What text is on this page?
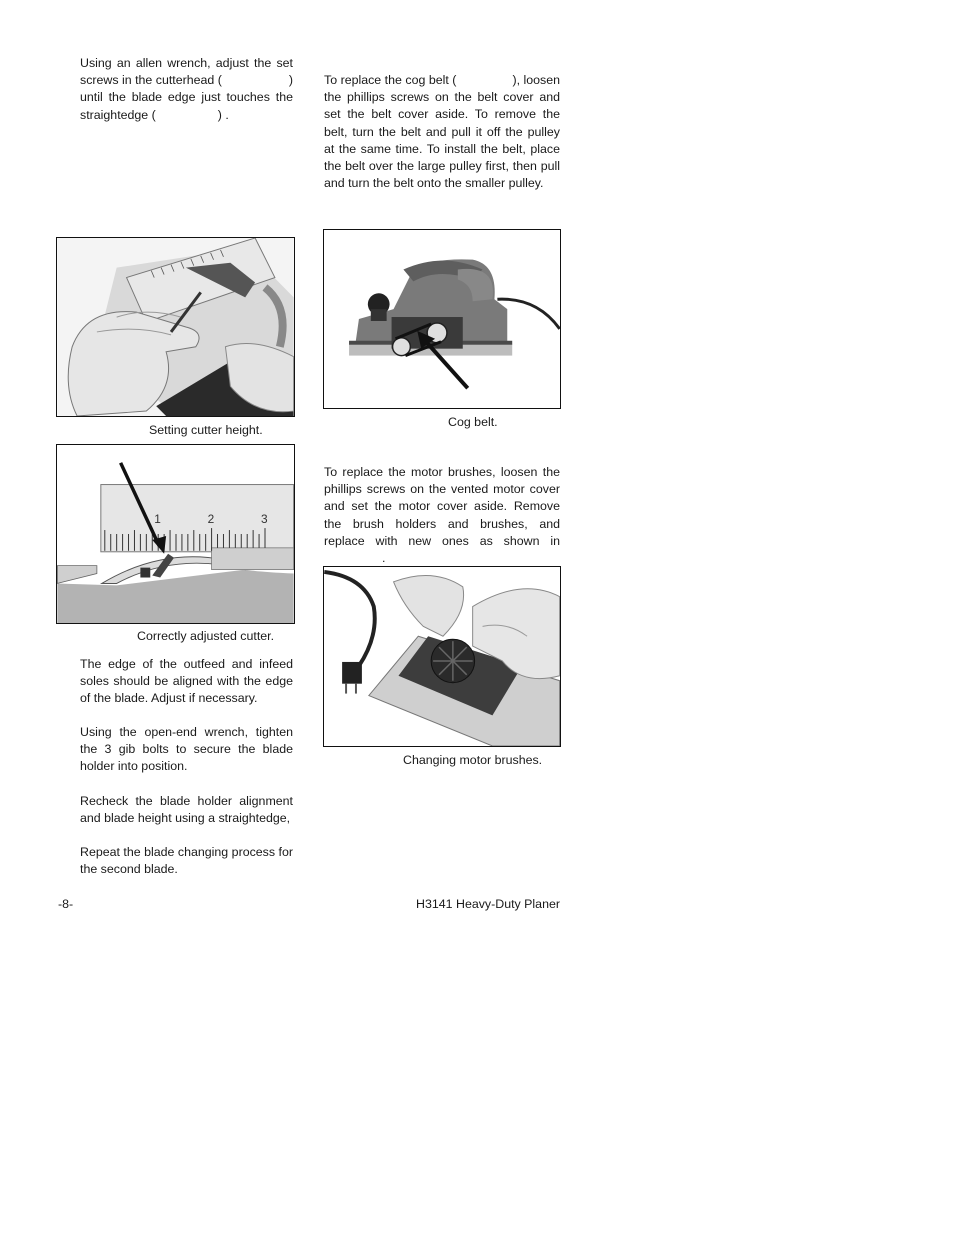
Using an allen wrench, adjust the set
screws in the cutterhead (	)
until the blade edge just touches the
straightedge (	) .
Setting cutter height.
1	2	3
Correctly adjusted cutter.
The edge of the outfeed and infeed soles should be aligned with the edge of the blade. Adjust if necessary.
Using the open-end wrench, tighten the 3 gib bolts to secure the blade holder into position.
Recheck the blade holder alignment and blade height using a straightedge,
Repeat the blade changing process for the second blade.
To replace the cog belt (	), loosen the phillips screws on the belt cover and set the belt cover aside. To remove the belt, turn the belt and pull it off the pulley at the same time. To install the belt, place the belt over the large pulley first, then pull and turn the belt onto the smaller pulley.
Cog belt.
To replace the motor brushes, loosen the phillips screws on the vented motor cover and set the motor cover aside. Remove the brush holders and brushes, and replace with new ones as shown in.
Changing motor brushes.
-8-	H3141 Heavy-Duty Planer
